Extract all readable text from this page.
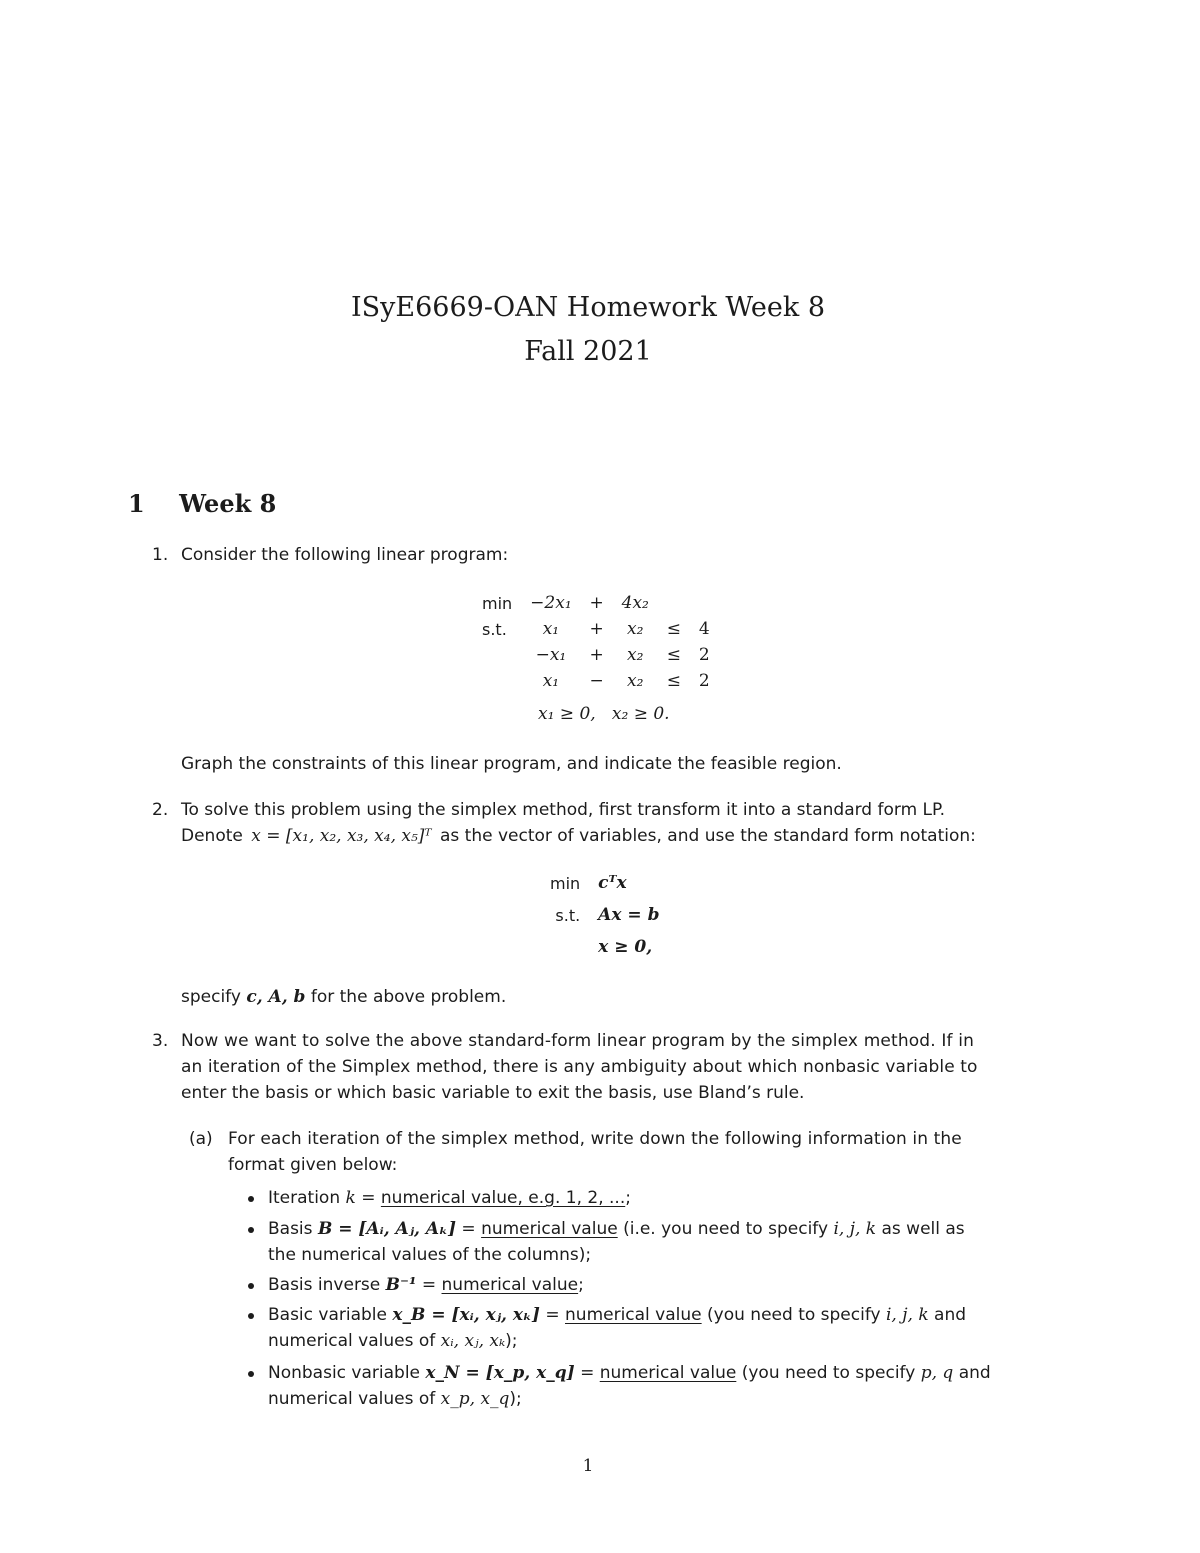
ISyE6669-OAN Homework Week 8
Fall 2021
1 Week 8
1. Consider the following linear program:
min	−2x₁	+	4x₂		
s.t.	x₁	+	x₂	≤	4
	−x₁	+	x₂	≤	2
	x₁	−	x₂	≤	2
x₁ ≥ 0,   x₂ ≥ 0.
Graph the constraints of this linear program, and indicate the feasible region.
2. To solve this problem using the simplex method, first transform it into a standard form LP.
Denote x = [x₁, x₂, x₃, x₄, x₅]ᵀ as the vector of variables, and use the standard form notation:
min	cᵀx
s.t.	Ax = b
	x ≥ 0,
specify c, A, b for the above problem.
3. Now we want to solve the above standard-form linear program by the simplex method. If in
an iteration of the Simplex method, there is any ambiguity about which nonbasic variable to
enter the basis or which basic variable to exit the basis, use Bland’s rule.
(a) For each iteration of the simplex method, write down the following information in the
format given below:
Iteration k = numerical value, e.g. 1, 2, ...;
Basis B = [Aᵢ, Aⱼ, Aₖ] = numerical value (i.e. you need to specify i, j, k as well as
the numerical values of the columns);
Basis inverse B⁻¹ = numerical value;
Basic variable x_B = [xᵢ, xⱼ, xₖ] = numerical value (you need to specify i, j, k and
numerical values of xᵢ, xⱼ, xₖ);
Nonbasic variable x_N = [x_p, x_q] = numerical value (you need to specify p, q and
numerical values of x_p, x_q);
1
